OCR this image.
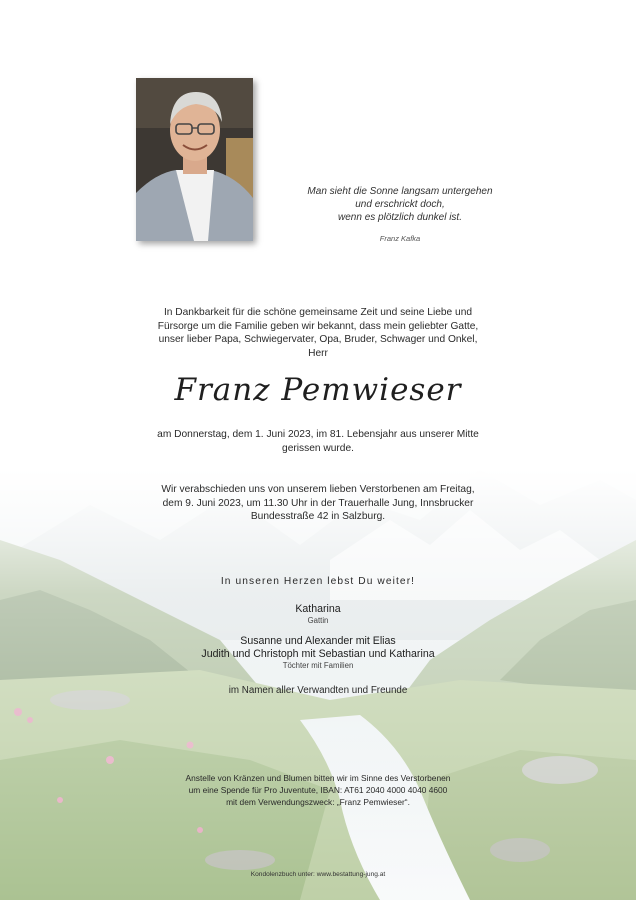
Man sieht die Sonne langsam untergehen
und erschrickt doch,
wenn es plötzlich dunkel ist.
Franz Kafka
In Dankbarkeit für die schöne gemeinsame Zeit und seine Liebe und
Fürsorge um die Familie geben wir bekannt, dass mein geliebter Gatte,
unser lieber Papa, Schwiegervater, Opa, Bruder, Schwager und Onkel,
Herr
Franz Pemwieser
am Donnerstag, dem 1. Juni 2023, im 81. Lebensjahr aus unserer Mitte
gerissen wurde.
Wir verabschieden uns von unserem lieben Verstorbenen am Freitag,
dem 9. Juni 2023, um 11.30 Uhr in der Trauerhalle Jung, Innsbrucker
Bundesstraße 42 in Salzburg.
In unseren Herzen lebst Du weiter!
Katharina
Gattin
Susanne und Alexander mit Elias
Judith und Christoph mit Sebastian und Katharina
Töchter mit Familien
im Namen aller Verwandten und Freunde
Anstelle von Kränzen und Blumen bitten wir im Sinne des Verstorbenen
um eine Spende für Pro Juventute, IBAN: AT61 2040 4000 4040 4600
mit dem Verwendungszweck: „Franz Pemwieser“.
Kondolenzbuch unter: www.bestattung-jung.at
